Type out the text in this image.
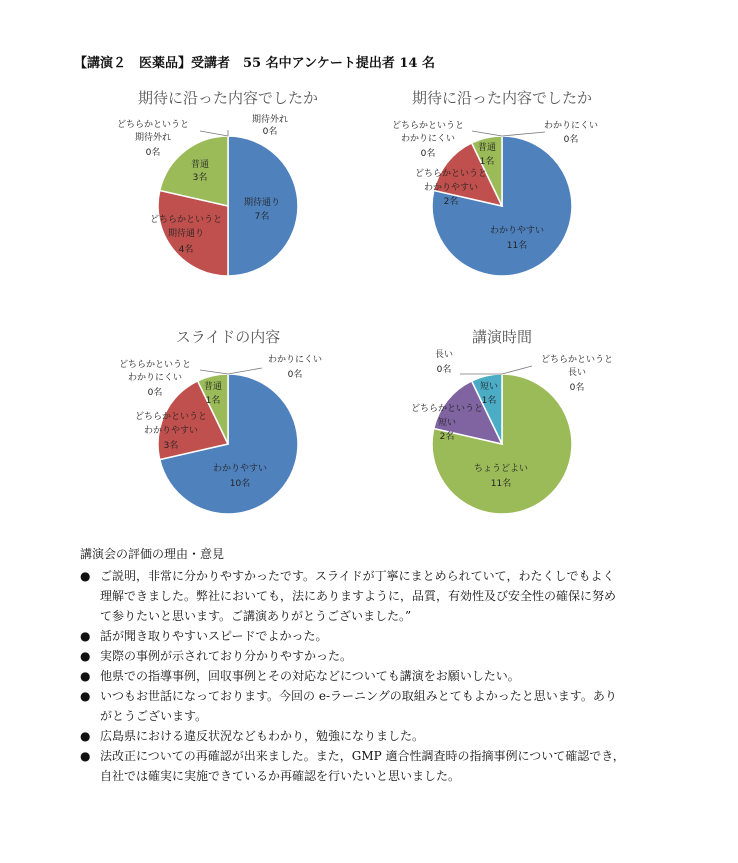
【講演２　医薬品】受講者　55 名中アンケート提出者 14 名
期待に沿った内容でしたか
期待外れ
0名
どちらかというと
期待外れ
0名
普通
3名
期待通り
7名
どちらかというと
期待通り
4名
期待に沿った内容でしたか
わかりにくい
0名
どちらかというと
わかりにくい
0名
普通
1名
どちらかというと
わかりやすい
2名
わかりやすい
11名
スライドの内容
わかりにくい
0名
どちらかというと
わかりにくい
0名
普通
1名
どちらかというと
わかりやすい
3名
わかりやすい
10名
講演時間
長い
0名
どちらかというと
長い
0名
短い
1名
どちらかというと
短い
2名
ちょうどよい
11名
講演会の評価の理由・意見
● ご説明，非常に分かりやすかったです。スライドが丁寧にまとめられていて，わたくしでもよく
理解できました。弊社においても，法にありますように，品質，有効性及び安全性の確保に努め
て参りたいと思います。ご講演ありがとうございました。”
● 話が聞き取りやすいスピードでよかった。
● 実際の事例が示されており分かりやすかった。
● 他県での指導事例，回収事例とその対応などについても講演をお願いしたい。
● いつもお世話になっております。今回の e-ラーニングの取組みとてもよかったと思います。あり
がとうございます。
● 広島県における違反状況などもわかり，勉強になりました。
● 法改正についての再確認が出来ました。また，GMP 適合性調査時の指摘事例について確認でき，
自社では確実に実施できているか再確認を行いたいと思いました。
